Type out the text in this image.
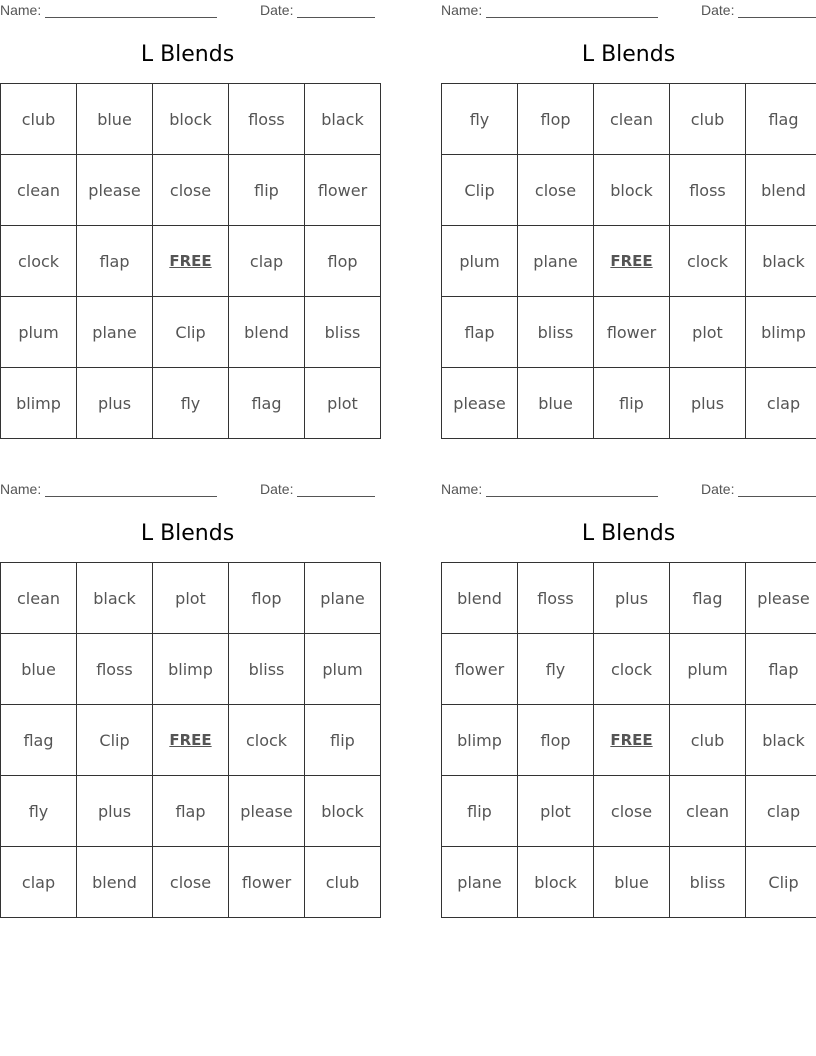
Name:	Date:
L Blends
club	blue	block	floss	black
clean	please	close	flip	flower
clock	flap	FREE	clap	flop
plum	plane	Clip	blend	bliss
blimp	plus	fly	flag	plot
Name:	Date:
L Blends
fly	flop	clean	club	flag
Clip	close	block	floss	blend
plum	plane	FREE	clock	black
flap	bliss	flower	plot	blimp
please	blue	flip	plus	clap
Name:	Date:
L Blends
clean	black	plot	flop	plane
blue	floss	blimp	bliss	plum
flag	Clip	FREE	clock	flip
fly	plus	flap	please	block
clap	blend	close	flower	club
Name:	Date:
L Blends
blend	floss	plus	flag	please
flower	fly	clock	plum	flap
blimp	flop	FREE	club	black
flip	plot	close	clean	clap
plane	block	blue	bliss	Clip
